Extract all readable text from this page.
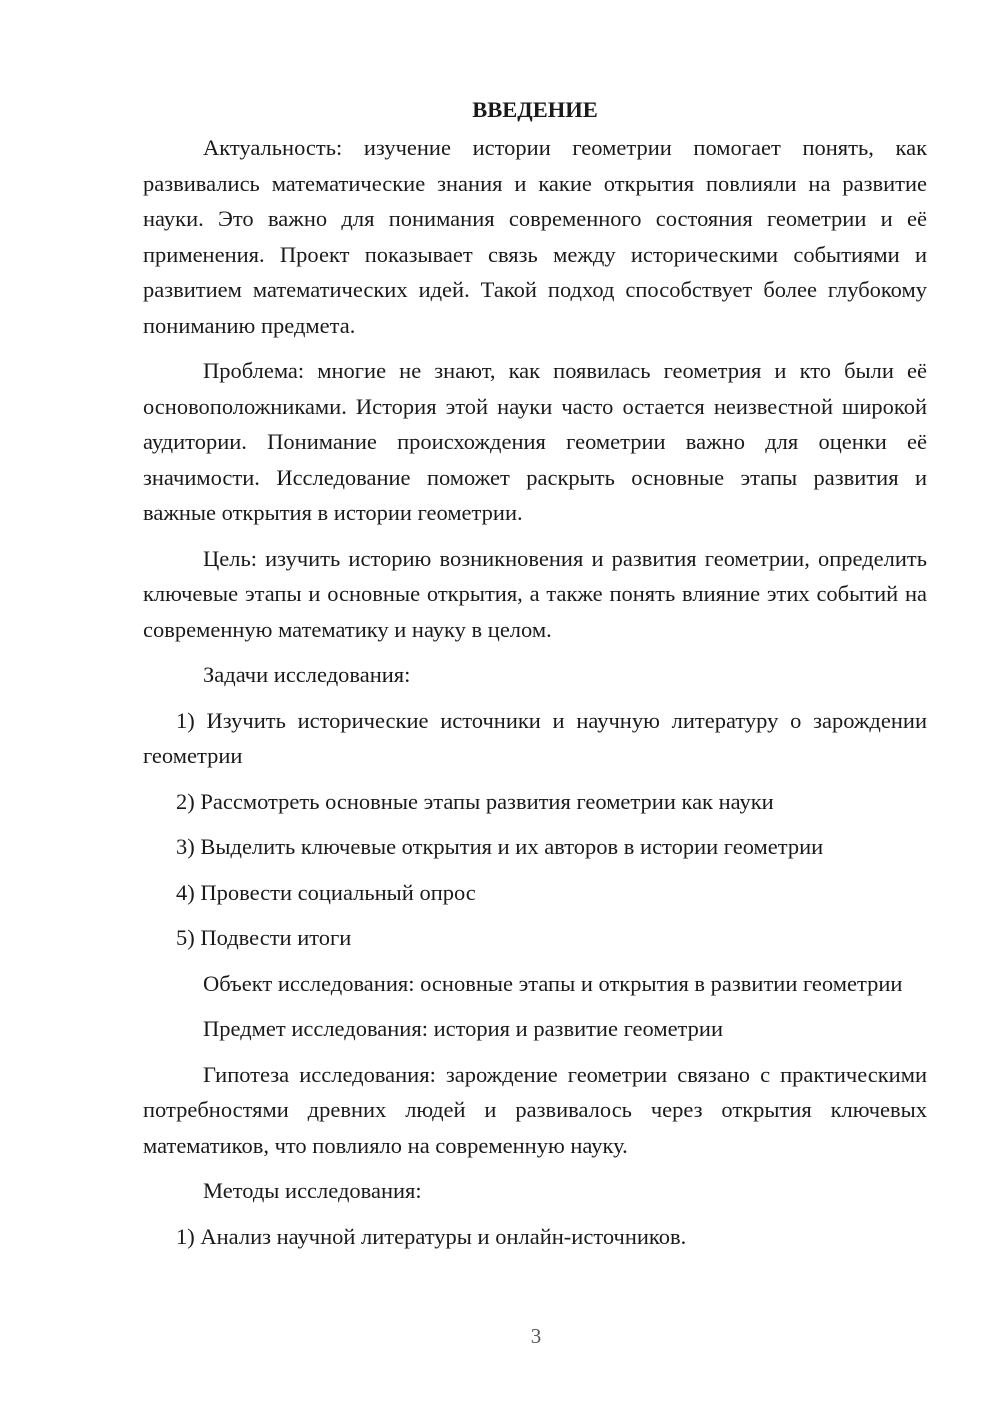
ВВЕДЕНИЕ

Актуальность: изучение истории геометрии помогает понять, как развивались математические знания и какие открытия повлияли на развитие науки. Это важно для понимания современного состояния геометрии и её применения. Проект показывает связь между историческими событиями и развитием математических идей. Такой подход способствует более глубокому пониманию предмета.

Проблема: многие не знают, как появилась геометрия и кто были её основоположниками. История этой науки часто остается неизвестной широкой аудитории. Понимание происхождения геометрии важно для оценки её значимости. Исследование поможет раскрыть основные этапы развития и важные открытия в истории геометрии.

Цель: изучить историю возникновения и развития геометрии, определить ключевые этапы и основные открытия, а также понять влияние этих событий на современную математику и науку в целом.

Задачи исследования:

1) Изучить исторические источники и научную литературу о зарождении геометрии

2) Рассмотреть основные этапы развития геометрии как науки

3) Выделить ключевые открытия и их авторов в истории геометрии

4) Провести социальный опрос

5) Подвести итоги

Объект исследования: основные этапы и открытия в развитии геометрии

Предмет исследования: история и развитие геометрии

Гипотеза исследования: зарождение геометрии связано с практическими потребностями древних людей и развивалось через открытия ключевых математиков, что повлияло на современную науку.

Методы исследования:

1) Анализ научной литературы и онлайн-источников.

3
